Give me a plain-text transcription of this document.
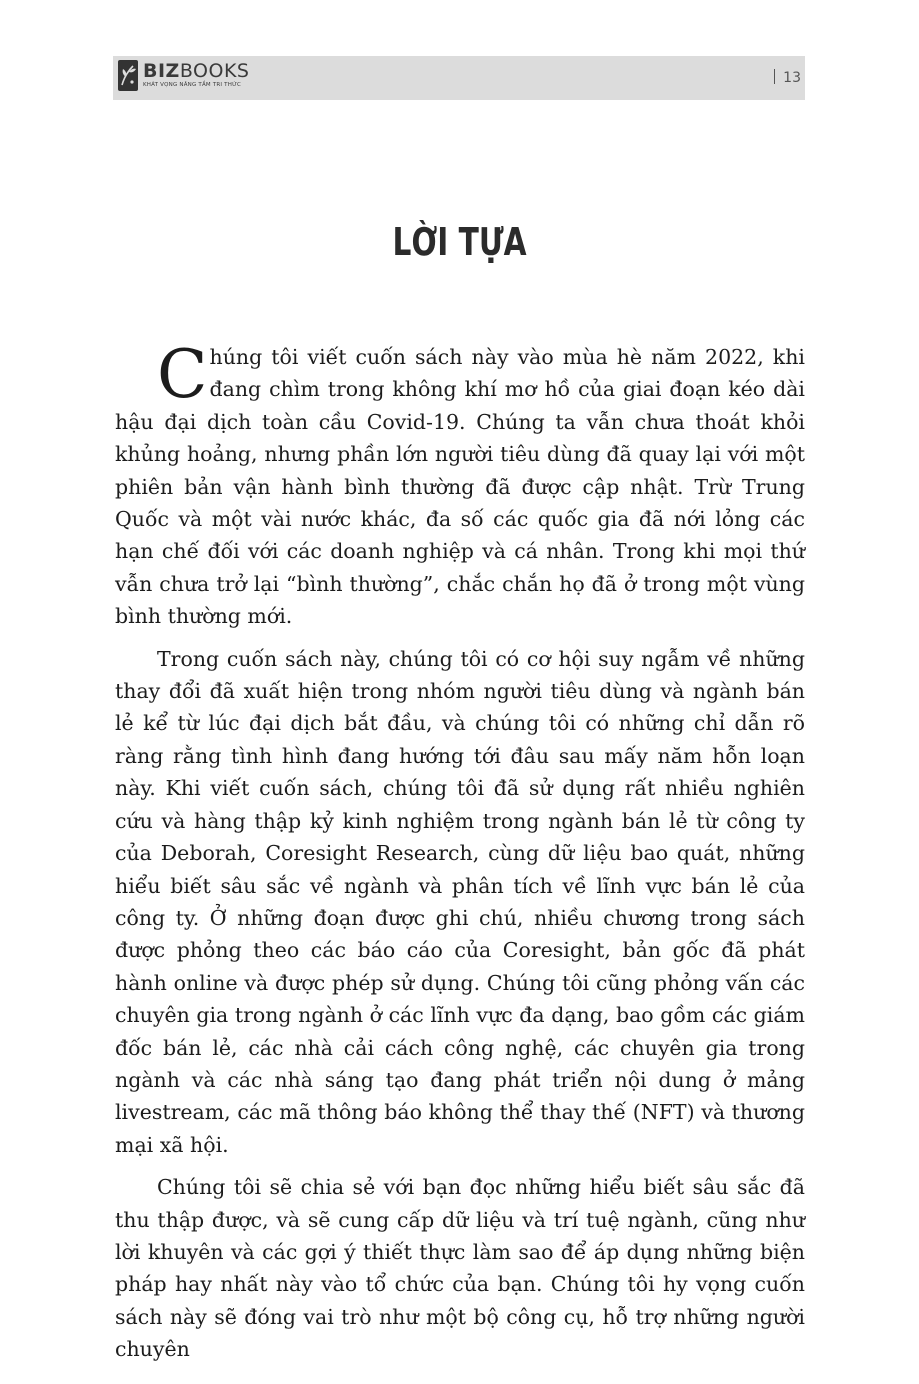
BIZBOOKS
KHÁT VỌNG NÂNG TẦM TRI THỨC	13
LỜI TỰA

Chúng tôi viết cuốn sách này vào mùa hè năm 2022, khi đang chìm trong không khí mơ hồ của giai đoạn kéo dài hậu đại dịch toàn cầu Covid-19. Chúng ta vẫn chưa thoát khỏi khủng hoảng, nhưng phần lớn người tiêu dùng đã quay lại với một phiên bản vận hành bình thường đã được cập nhật. Trừ Trung Quốc và một vài nước khác, đa số các quốc gia đã nới lỏng các hạn chế đối với các doanh nghiệp và cá nhân. Trong khi mọi thứ vẫn chưa trở lại “bình thường”, chắc chắn họ đã ở trong một vùng bình thường mới.

Trong cuốn sách này, chúng tôi có cơ hội suy ngẫm về những thay đổi đã xuất hiện trong nhóm người tiêu dùng và ngành bán lẻ kể từ lúc đại dịch bắt đầu, và chúng tôi có những chỉ dẫn rõ ràng rằng tình hình đang hướng tới đâu sau mấy năm hỗn loạn này. Khi viết cuốn sách, chúng tôi đã sử dụng rất nhiều nghiên cứu và hàng thập kỷ kinh nghiệm trong ngành bán lẻ từ công ty của Deborah, Coresight Research, cùng dữ liệu bao quát, những hiểu biết sâu sắc về ngành và phân tích về lĩnh vực bán lẻ của công ty. Ở những đoạn được ghi chú, nhiều chương trong sách được phỏng theo các báo cáo của Coresight, bản gốc đã phát hành online và được phép sử dụng. Chúng tôi cũng phỏng vấn các chuyên gia trong ngành ở các lĩnh vực đa dạng, bao gồm các giám đốc bán lẻ, các nhà cải cách công nghệ, các chuyên gia trong ngành và các nhà sáng tạo đang phát triển nội dung ở mảng livestream, các mã thông báo không thể thay thế (NFT) và thương mại xã hội.

Chúng tôi sẽ chia sẻ với bạn đọc những hiểu biết sâu sắc đã thu thập được, và sẽ cung cấp dữ liệu và trí tuệ ngành, cũng như lời khuyên và các gợi ý thiết thực làm sao để áp dụng những biện pháp hay nhất này vào tổ chức của bạn. Chúng tôi hy vọng cuốn sách này sẽ đóng vai trò như một bộ công cụ, hỗ trợ những người chuyên
